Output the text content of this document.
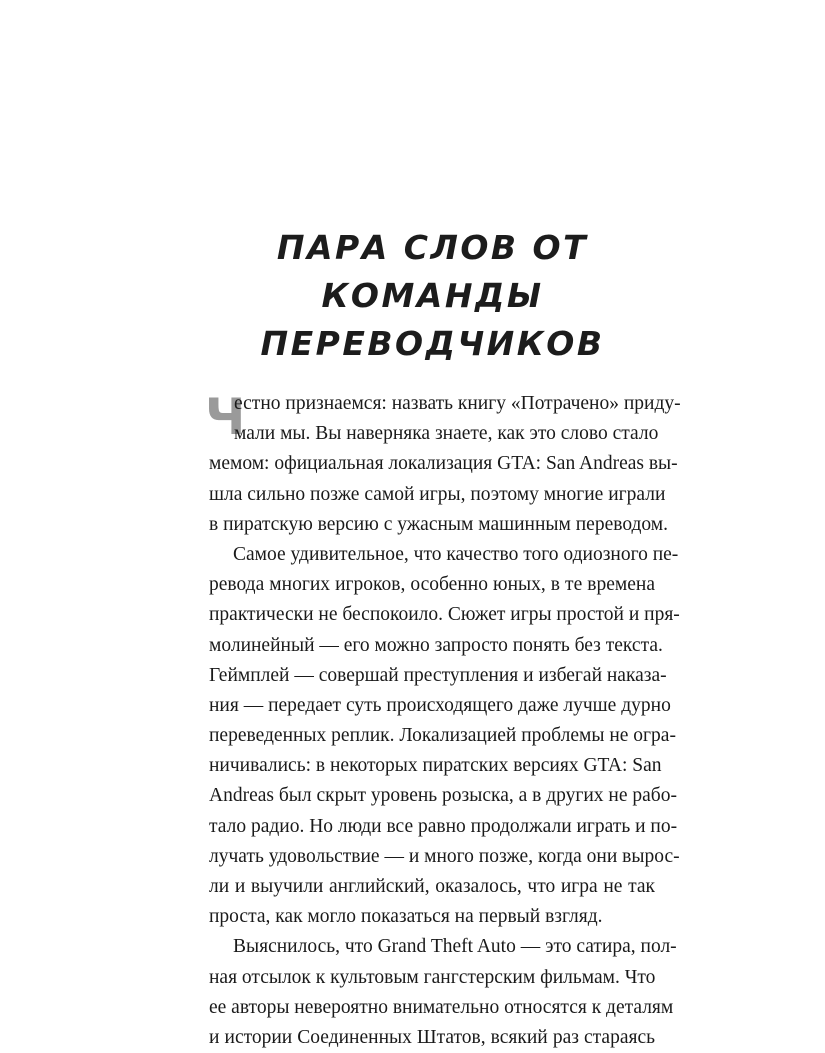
ПАРА СЛОВ ОТ КОМАНДЫ
ПЕРЕВОДЧИКОВ
Ч
естно признаемся: назвать книгу «Потрачено» приду-
мали мы. Вы наверняка знаете, как это слово стало
мемом: официальная локализация GTA: San Andreas вы-
шла сильно позже самой игры, поэтому многие играли
в пиратскую версию с ужасным машинным переводом.
Самое удивительное, что качество того одиозного пе-
ревода многих игроков, особенно юных, в те времена
практически не беспокоило. Сюжет игры простой и пря-
молинейный — его можно запросто понять без текста.
Геймплей — совершай преступления и избегай наказа-
ния — передает суть происходящего даже лучше дурно
переведенных реплик. Локализацией проблемы не огра-
ничивались: в некоторых пиратских версиях GTA: San
Andreas был скрыт уровень розыска, а в других не рабо-
тало радио. Но люди все равно продолжали играть и по-
лучать удовольствие — и много позже, когда они вырос-
ли и выучили английский, оказалось, что игра не так
проста, как могло показаться на первый взгляд.
Выяснилось, что Grand Theft Auto — это сатира, пол-
ная отсылок к культовым гангстерским фильмам. Что
ее авторы невероятно внимательно относятся к деталям
и истории Соединенных Штатов, всякий раз стараясь
